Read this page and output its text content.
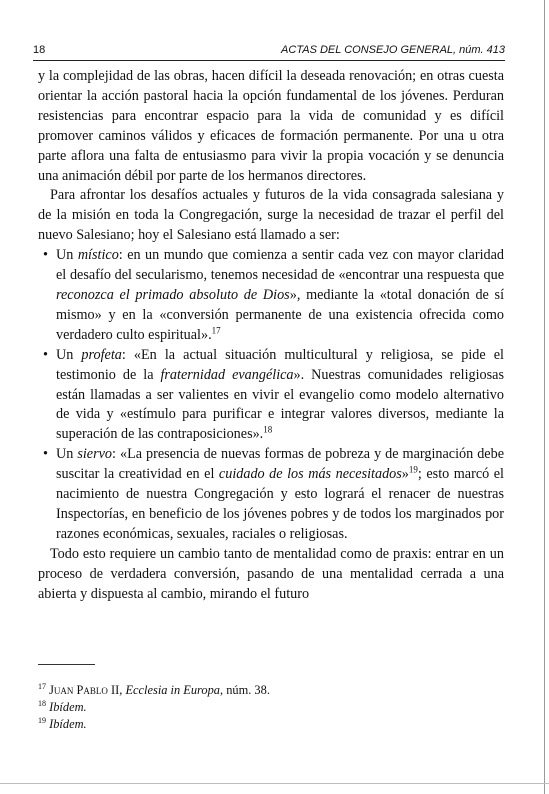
18	ACTAS DEL CONSEJO GENERAL, núm. 413

y la complejidad de las obras, hacen difícil la deseada renovación; en otras cuesta orientar la acción pastoral hacia la opción fundamental de los jóvenes. Perduran resistencias para encontrar espacio para la vida de comunidad y es difícil promover caminos válidos y eficaces de formación permanente. Por una u otra parte aflora una falta de entusiasmo para vivir la propia vocación y se denuncia una animación débil por parte de los hermanos directores.

Para afrontar los desafíos actuales y futuros de la vida consagrada salesiana y de la misión en toda la Congregación, surge la necesidad de trazar el perfil del nuevo Salesiano; hoy el Salesiano está llamado a ser:

• Un místico: en un mundo que comienza a sentir cada vez con mayor claridad el desafío del secularismo, tenemos necesidad de «encontrar una respuesta que reconozca el primado absoluto de Dios», mediante la «total donación de sí mismo» y en la «conversión permanente de una existencia ofrecida como verdadero culto espiritual».$^{17}$
• Un profeta: «En la actual situación multicultural y religiosa, se pide el testimonio de la fraternidad evangélica». Nuestras comunidades religiosas están llamadas a ser valientes en vivir el evangelio como modelo alternativo de vida y «estímulo para purificar e integrar valores diversos, mediante la superación de las contraposiciones».$^{18}$
• Un siervo: «La presencia de nuevas formas de pobreza y de marginación debe suscitar la creatividad en el cuidado de los más necesitados»$^{19}$; esto marcó el nacimiento de nuestra Congregación y esto logrará el renacer de nuestras Inspectorías, en beneficio de los jóvenes pobres y de todos los marginados por razones económicas, sexuales, raciales o religiosas.

Todo esto requiere un cambio tanto de mentalidad como de praxis: entrar en un proceso de verdadera conversión, pasando de una mentalidad cerrada a una abierta y dispuesta al cambio, mirando el futuro

$^{17}$ Juan Pablo II, Ecclesia in Europa, núm. 38.
$^{18}$ Ibídem.
$^{19}$ Ibídem.
